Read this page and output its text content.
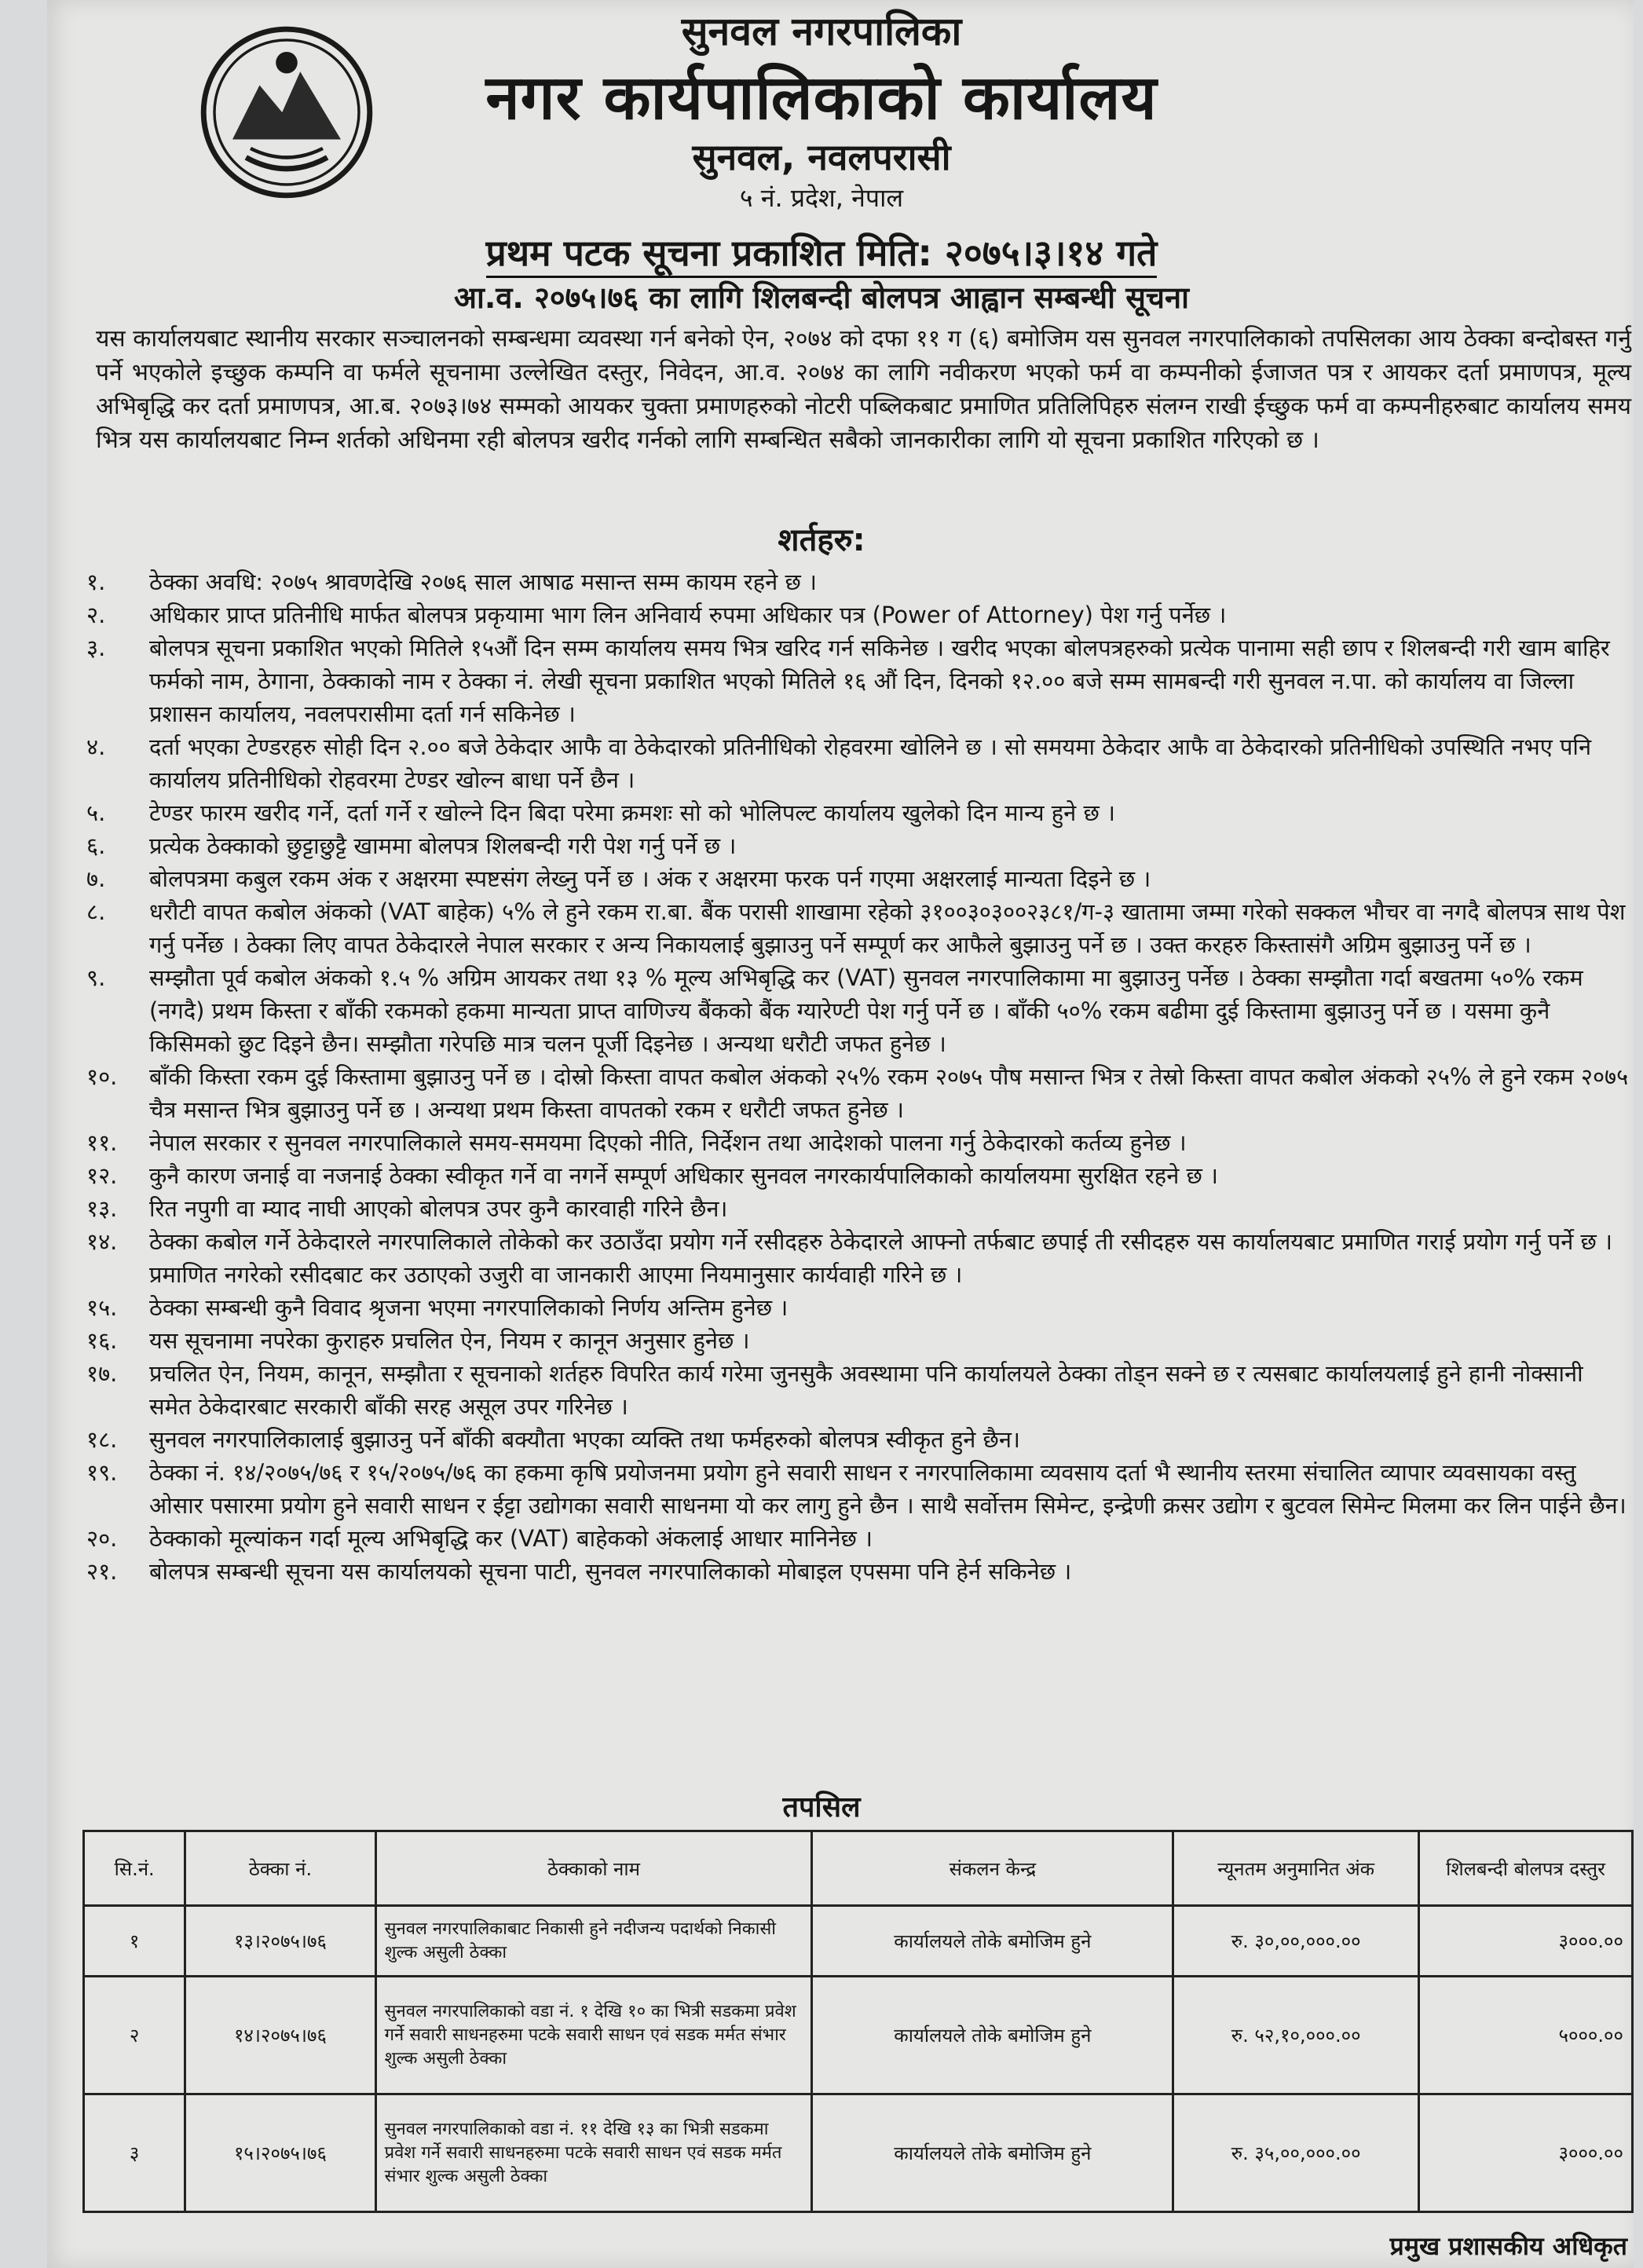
सुनवल नगरपालिका
नगर कार्यपालिकाको कार्यालय
सुनवल, नवलपरासी
५ नं. प्रदेश, नेपाल
प्रथम पटक सूचना प्रकाशित मिति: २०७५।३।१४ गते
आ.व. २०७५।७६ का लागि शिलबन्दी बोलपत्र आह्वान सम्बन्धी सूचना

यस कार्यालयबाट स्थानीय सरकार सञ्चालनको सम्बन्धमा व्यवस्था गर्न बनेको ऐन, २०७४ को दफा ११ ग (६) बमोजिम यस सुनवल नगरपालिकाको तपसिलका आय ठेक्का बन्दोबस्त गर्नु पर्ने भएकोले इच्छुक कम्पनि वा फर्मले सूचनामा उल्लेखित दस्तुर, निवेदन, आ.व. २०७४ का लागि नवीकरण भएको फर्म वा कम्पनीको ईजाजत पत्र र आयकर दर्ता प्रमाणपत्र, मूल्य अभिबृद्धि कर दर्ता प्रमाणपत्र, आ.ब. २०७३।७४ सम्मको आयकर चुक्ता प्रमाणहरुको नोटरी पब्लिकबाट प्रमाणित प्रतिलिपिहरु संलग्न राखी ईच्छुक फर्म वा कम्पनीहरुबाट कार्यालय समय भित्र यस कार्यालयबाट निम्न शर्तको अधिनमा रही बोलपत्र खरीद गर्नको लागि सम्बन्धित सबैको जानकारीका लागि यो सूचना प्रकाशित गरिएको छ ।

शर्तहरु:
१.	ठेक्का अवधि: २०७५ श्रावणदेखि २०७६ साल आषाढ मसान्त सम्म कायम रहने छ ।
२.	अधिकार प्राप्त प्रतिनीधि मार्फत बोलपत्र प्रकृयामा भाग लिन अनिवार्य रुपमा अधिकार पत्र (Power of Attorney) पेश गर्नु पर्नेछ ।
३.	बोलपत्र सूचना प्रकाशित भएको मितिले १५औं दिन सम्म कार्यालय समय भित्र खरिद गर्न सकिनेछ । खरीद भएका बोलपत्रहरुको प्रत्येक पानामा सही छाप र शिलबन्दी गरी खाम बाहिर फर्मको नाम, ठेगाना, ठेक्काको नाम र ठेक्का नं. लेखी सूचना प्रकाशित भएको मितिले १६ औं दिन, दिनको १२.०० बजे सम्म सामबन्दी गरी सुनवल न.पा. को कार्यालय वा जिल्ला प्रशासन कार्यालय, नवलपरासीमा दर्ता गर्न सकिनेछ ।
४.	दर्ता भएका टेण्डरहरु सोही दिन २.०० बजे ठेकेदार आफै वा ठेकेदारको प्रतिनीधिको रोहवरमा खोलिने छ । सो समयमा ठेकेदार आफै वा ठेकेदारको प्रतिनीधिको उपस्थिति नभए पनि कार्यालय प्रतिनीधिको रोहवरमा टेण्डर खोल्न बाधा पर्ने छैन ।
५.	टेण्डर फारम खरीद गर्ने, दर्ता गर्ने र खोल्ने दिन बिदा परेमा क्रमशः सो को भोलिपल्ट कार्यालय खुलेको दिन मान्य हुने छ ।
६.	प्रत्येक ठेक्काको छुट्टाछुट्टै खाममा बोलपत्र शिलबन्दी गरी पेश गर्नु पर्ने छ ।
७.	बोलपत्रमा कबुल रकम अंक र अक्षरमा स्पष्टसंग लेख्नु पर्ने छ । अंक र अक्षरमा फरक पर्न गएमा अक्षरलाई मान्यता दिइने छ ।
८.	धरौटी वापत कबोल अंकको (VAT बाहेक) ५% ले हुने रकम रा.बा. बैंक परासी शाखामा रहेको ३१००३०३००२३८१/ग-३ खातामा जम्मा गरेको सक्कल भौचर वा नगदै बोलपत्र साथ पेश गर्नु पर्नेछ । ठेक्का लिए वापत ठेकेदारले नेपाल सरकार र अन्य निकायलाई बुझाउनु पर्ने सम्पूर्ण कर आफैले बुझाउनु पर्ने छ । उक्त करहरु किस्तासंगै अग्रिम बुझाउनु पर्ने छ ।
९.	सम्झौता पूर्व कबोल अंकको १.५ % अग्रिम आयकर तथा १३ % मूल्य अभिबृद्धि कर (VAT) सुनवल नगरपालिकामा मा बुझाउनु पर्नेछ । ठेक्का सम्झौता गर्दा बखतमा ५०% रकम (नगदै) प्रथम किस्ता र बाँकी रकमको हकमा मान्यता प्राप्त वाणिज्य बैंकको बैंक ग्यारेण्टी पेश गर्नु पर्ने छ । बाँकी ५०% रकम बढीमा दुई किस्तामा बुझाउनु पर्ने छ । यसमा कुनै किसिमको छुट दिइने छैन। सम्झौता गरेपछि मात्र चलन पूर्जी दिइनेछ । अन्यथा धरौटी जफत हुनेछ ।
१०.	बाँकी किस्ता रकम दुई किस्तामा बुझाउनु पर्ने छ । दोस्रो किस्ता वापत कबोल अंकको २५% रकम २०७५ पौष मसान्त भित्र र तेस्रो किस्ता वापत कबोल अंकको २५% ले हुने रकम २०७५ चैत्र मसान्त भित्र बुझाउनु पर्ने छ । अन्यथा प्रथम किस्ता वापतको रकम र धरौटी जफत हुनेछ ।
११.	नेपाल सरकार र सुनवल नगरपालिकाले समय-समयमा दिएको नीति, निर्देशन तथा आदेशको पालना गर्नु ठेकेदारको कर्तव्य हुनेछ ।
१२.	कुनै कारण जनाई वा नजनाई ठेक्का स्वीकृत गर्ने वा नगर्ने सम्पूर्ण अधिकार सुनवल नगरकार्यपालिकाको कार्यालयमा सुरक्षित रहने छ ।
१३.	रित नपुगी वा म्याद नाघी आएको बोलपत्र उपर कुनै कारवाही गरिने छैन।
१४.	ठेक्का कबोल गर्ने ठेकेदारले नगरपालिकाले तोकेको कर उठाउँदा प्रयोग गर्ने रसीदहरु ठेकेदारले आफ्नो तर्फबाट छपाई ती रसीदहरु यस कार्यालयबाट प्रमाणित गराई प्रयोग गर्नु पर्ने छ । प्रमाणित नगरेको रसीदबाट कर उठाएको उजुरी वा जानकारी आएमा नियमानुसार कार्यवाही गरिने छ ।
१५.	ठेक्का सम्बन्धी कुनै विवाद श्रृजना भएमा नगरपालिकाको निर्णय अन्तिम हुनेछ ।
१६.	यस सूचनामा नपरेका कुराहरु प्रचलित ऐन, नियम र कानून अनुसार हुनेछ ।
१७.	प्रचलित ऐन, नियम, कानून, सम्झौता र सूचनाको शर्तहरु विपरित कार्य गरेमा जुनसुकै अवस्थामा पनि कार्यालयले ठेक्का तोड्न सक्ने छ र त्यसबाट कार्यालयलाई हुने हानी नोक्सानी समेत ठेकेदारबाट सरकारी बाँकी सरह असूल उपर गरिनेछ ।
१८.	सुनवल नगरपालिकालाई बुझाउनु पर्ने बाँकी बक्यौता भएका व्यक्ति तथा फर्महरुको बोलपत्र स्वीकृत हुने छैन।
१९.	ठेक्का नं. १४/२०७५/७६ र १५/२०७५/७६ का हकमा कृषि प्रयोजनमा प्रयोग हुने सवारी साधन र नगरपालिकामा व्यवसाय दर्ता भै स्थानीय स्तरमा संचालित व्यापार व्यवसायका वस्तु ओसार पसारमा प्रयोग हुने सवारी साधन र ईट्टा उद्योगका सवारी साधनमा यो कर लागु हुने छैन । साथै सर्वोत्तम सिमेन्ट, इन्द्रेणी क्रसर उद्योग र बुटवल सिमेन्ट मिलमा कर लिन पाईने छैन।
२०.	ठेक्काको मूल्यांकन गर्दा मूल्य अभिबृद्धि कर (VAT) बाहेकको अंकलाई आधार मानिनेछ ।
२१.	बोलपत्र सम्बन्धी सूचना यस कार्यालयको सूचना पाटी, सुनवल नगरपालिकाको मोबाइल एपसमा पनि हेर्न सकिनेछ ।
तपसिल
सि.नं.	ठेक्का नं.	ठेक्काको नाम	संकलन केन्द्र	न्यूनतम अनुमानित अंक	शिलबन्दी बोलपत्र दस्तुर
१	१३।२०७५।७६	सुनवल नगरपालिकाबाट निकासी हुने नदीजन्य पदार्थको निकासी शुल्क असुली ठेक्का	कार्यालयले तोके बमोजिम हुने	रु. ३०,००,०००.००	३०००.००
२	१४।२०७५।७६	सुनवल नगरपालिकाको वडा नं. १ देखि १० का भित्री सडकमा प्रवेश गर्ने सवारी साधनहरुमा पटके सवारी साधन एवं सडक मर्मत संभार शुल्क असुली ठेक्का	कार्यालयले तोके बमोजिम हुने	रु. ५२,१०,०००.००	५०००.००
३	१५।२०७५।७६	सुनवल नगरपालिकाको वडा नं. ११ देखि १३ का भित्री सडकमा प्रवेश गर्ने सवारी साधनहरुमा पटके सवारी साधन एवं सडक मर्मत संभार शुल्क असुली ठेक्का	कार्यालयले तोके बमोजिम हुने	रु. ३५,००,०००.००	३०००.००
प्रमुख प्रशासकीय अधिकृत
